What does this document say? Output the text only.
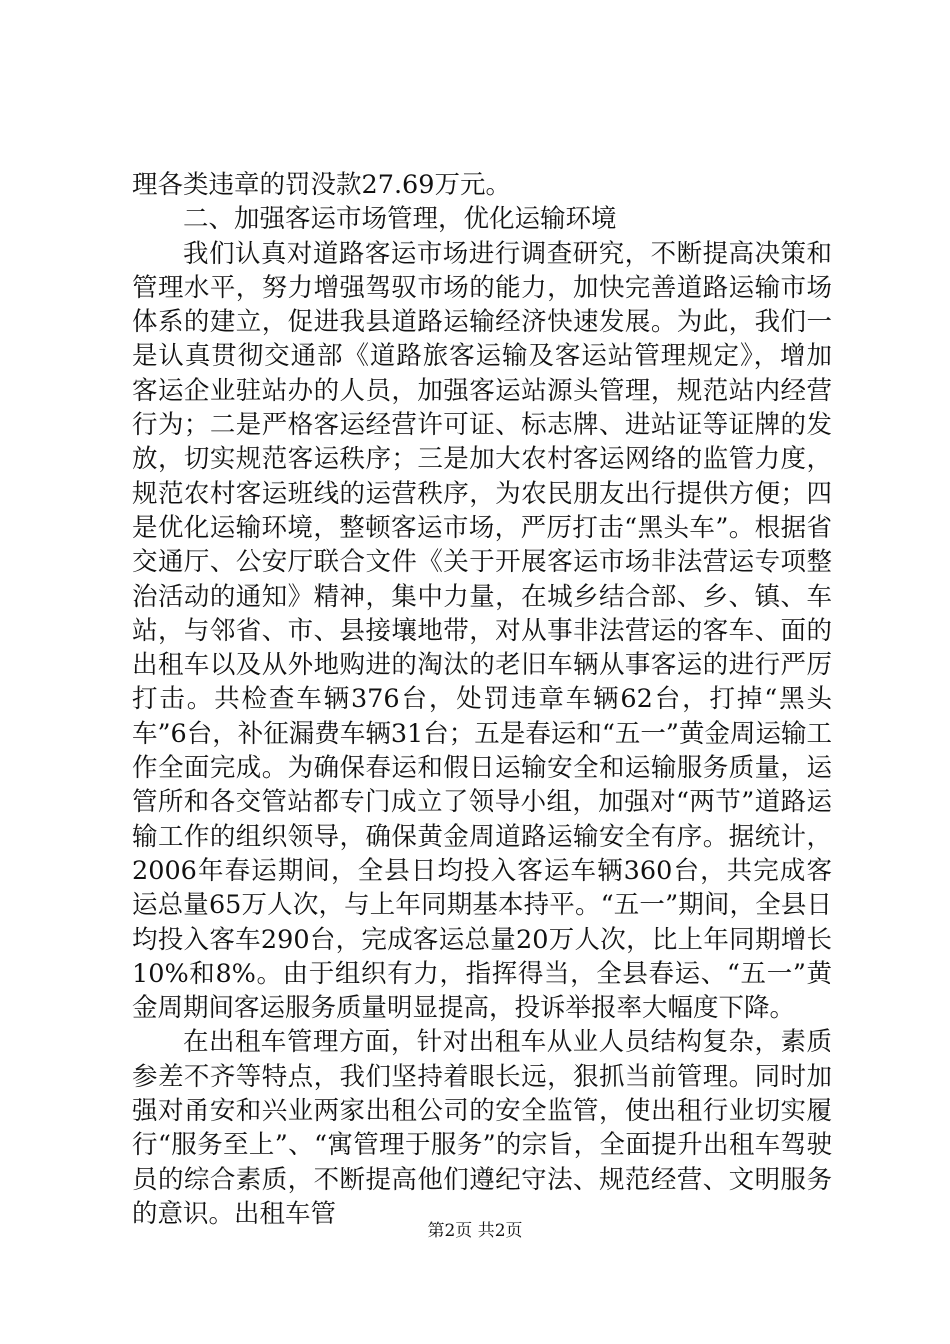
理各类违章的罚没款27.69万元。

二、加强客运市场管理，优化运输环境

我们认真对道路客运市场进行调查研究，不断提高决策和管理水平，努力增强驾驭市场的能力，加快完善道路运输市场体系的建立，促进我县道路运输经济快速发展。为此，我们一是认真贯彻交通部《道路旅客运输及客运站管理规定》，增加客运企业驻站办的人员，加强客运站源头管理，规范站内经营行为；二是严格客运经营许可证、标志牌、进站证等证牌的发放，切实规范客运秩序；三是加大农村客运网络的监管力度，规范农村客运班线的运营秩序，为农民朋友出行提供方便；四是优化运输环境，整顿客运市场，严厉打击“黑头车”。根据省交通厅、公安厅联合文件《关于开展客运市场非法营运专项整治活动的通知》精神，集中力量，在城乡结合部、乡、镇、车站，与邻省、市、县接壤地带，对从事非法营运的客车、面的出租车以及从外地购进的淘汰的老旧车辆从事客运的进行严厉打击。共检查车辆376台，处罚违章车辆62台，打掉“黑头车”6台，补征漏费车辆31台；五是春运和“五一”黄金周运输工作全面完成。为确保春运和假日运输安全和运输服务质量，运管所和各交管站都专门成立了领导小组，加强对“两节”道路运输工作的组织领导，确保黄金周道路运输安全有序。据统计，2006年春运期间，全县日均投入客运车辆360台，共完成客运总量65万人次，与上年同期基本持平。“五一”期间，全县日均投入客车290台，完成客运总量20万人次，比上年同期增长10%和8%。由于组织有力，指挥得当，全县春运、“五一”黄金周期间客运服务质量明显提高，投诉举报率大幅度下降。

在出租车管理方面，针对出租车从业人员结构复杂，素质参差不齐等特点，我们坚持着眼长远，狠抓当前管理。同时加强对甬安和兴业两家出租公司的安全监管，使出租行业切实履行“服务至上”、“寓管理于服务”的宗旨，全面提升出租车驾驶员的综合素质，不断提高他们遵纪守法、规范经营、文明服务的意识。出租车管

第2页 共2页
